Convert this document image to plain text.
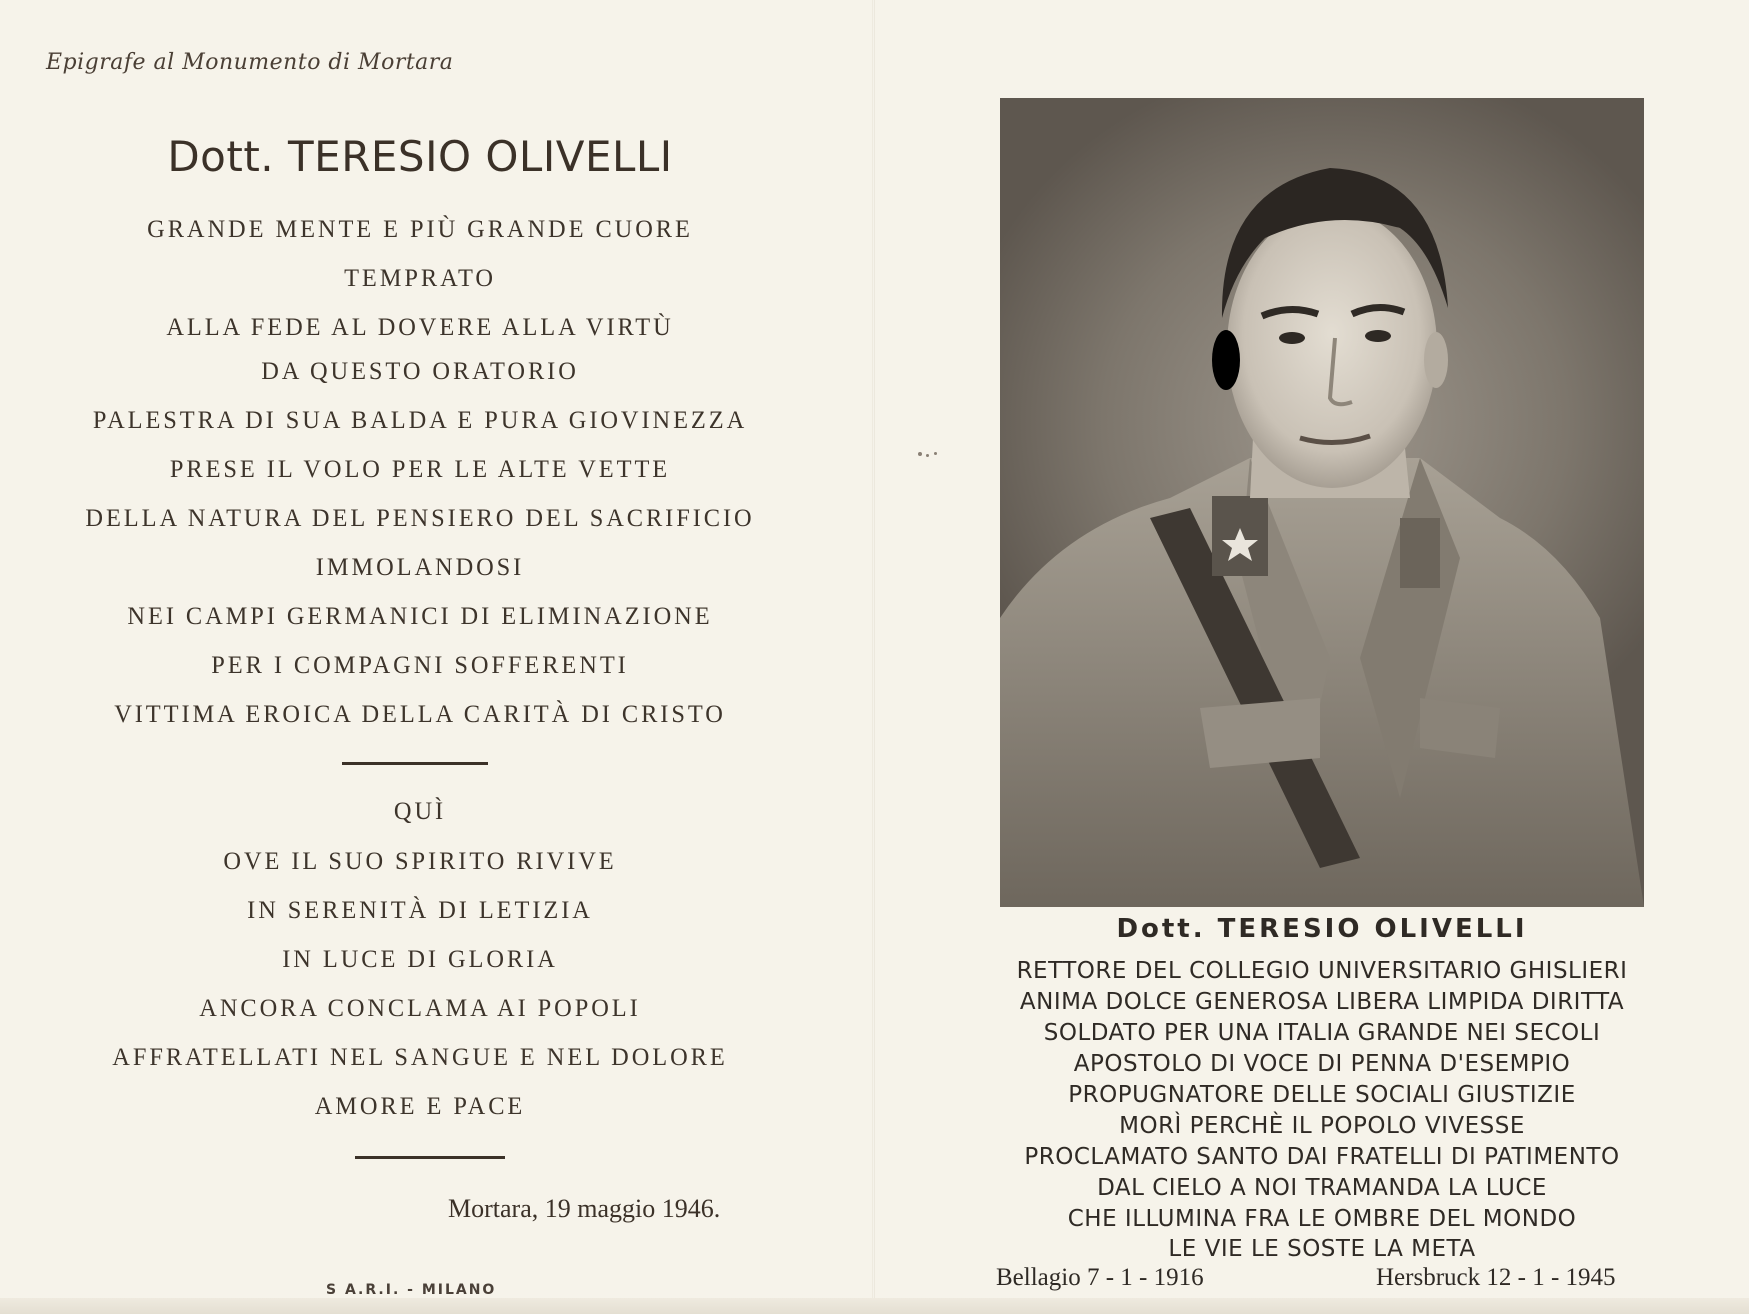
Epigrafe al Monumento di Mortara
Dott. TERESIO OLIVELLI
GRANDE MENTE E PIÙ GRANDE CUORE
TEMPRATO
ALLA FEDE AL DOVERE ALLA VIRTÙ
DA QUESTO ORATORIO
PALESTRA DI SUA BALDA E PURA GIOVINEZZA
PRESE IL VOLO PER LE ALTE VETTE
DELLA NATURA DEL PENSIERO DEL SACRIFICIO
IMMOLANDOSI
NEI CAMPI GERMANICI DI ELIMINAZIONE
PER I COMPAGNI SOFFERENTI
VITTIMA EROICA DELLA CARITÀ DI CRISTO
QUÌ
OVE IL SUO SPIRITO RIVIVE
IN SERENITÀ DI LETIZIA
IN LUCE DI GLORIA
ANCORA CONCLAMA AI POPOLI
AFFRATELLATI NEL SANGUE E NEL DOLORE
AMORE E PACE
Mortara, 19 maggio 1946.
S A.R.I. - MILANO
Dott. TERESIO OLIVELLI
RETTORE DEL COLLEGIO UNIVERSITARIO GHISLIERI
ANIMA DOLCE GENEROSA LIBERA LIMPIDA DIRITTA
SOLDATO PER UNA ITALIA GRANDE NEI SECOLI
APOSTOLO DI VOCE DI PENNA D'ESEMPIO
PROPUGNATORE DELLE SOCIALI GIUSTIZIE
MORÌ PERCHÈ IL POPOLO VIVESSE
PROCLAMATO SANTO DAI FRATELLI DI PATIMENTO
DAL CIELO A NOI TRAMANDA LA LUCE
CHE ILLUMINA FRA LE OMBRE DEL MONDO
LE VIE LE SOSTE LA META
Bellagio 7 - 1 - 1916	Hersbruck 12 - 1 - 1945
